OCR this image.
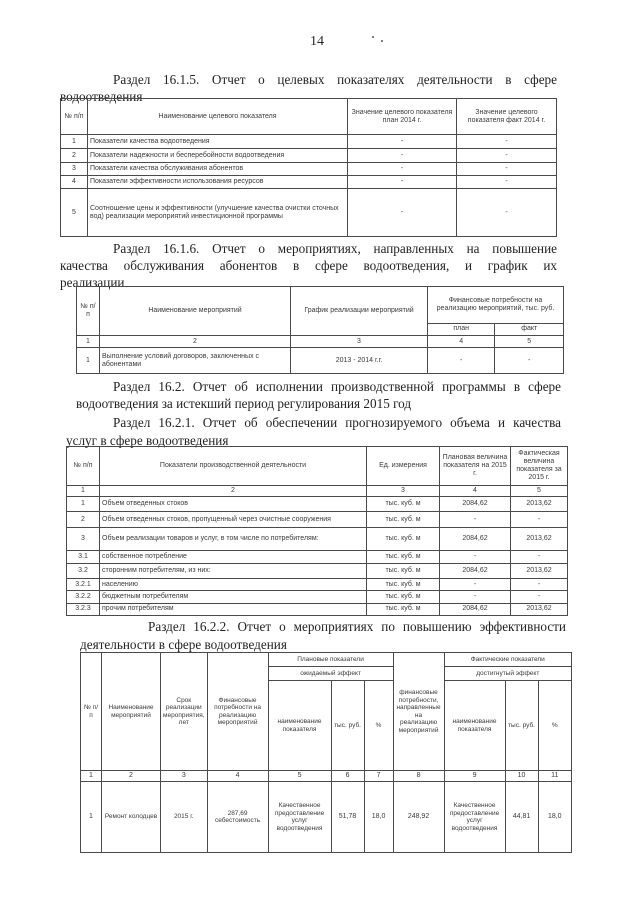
14
Раздел 16.1.5. Отчет о целевых показателях деятельности в сфере
водоотведения
№ п/п	Наименование целевого показателя	Значение целевого показателя план 2014 г.	Значение целевого показателя факт 2014 г.
1	Показатели качества водоотведения	-	-
2	Показатели надежности и бесперебойности водоотведения	-	-
3	Показатели качества обслуживания абонентов	-	-
4	Показатели эффективности использования ресурсов	-	-
5	Соотношение цены и эффективности (улучшение качества очистки сточных вод) реализации мероприятий инвестиционной программы	-	-
Раздел 16.1.6. Отчет о мероприятиях, направленных на повышение
качества обслуживания абонентов в сфере водоотведения, и график их
реализации
№ п/п	Наименование мероприятий	График реализации мероприятий	Финансовые потребности на реализацию мероприятий, тыс. руб.	
			план	факт
1	2	3	4	5
1	Выполнение условий договоров, заключенных с абонентами	2013 - 2014 г.г.	-	-
Раздел 16.2. Отчет об исполнении производственной программы в сфере
водоотведения за истекший период регулирования 2015 год
Раздел 16.2.1. Отчет об обеспечении прогнозируемого объема и качества
услуг в сфере водоотведения
№ п/п	Показатели производственной деятельности	Ед. измерения	Плановая величина показателя на 2015 г.	Фактическая величина показателя за 2015 г.
1	2	3	4	5
1	Объем отведенных стоков	тыс. куб. м	2084,62	2013,62
2	Объем отведенных стоков, пропущенный через очистные сооружения	тыс. куб. м	-	-
3	Объем реализации товаров и услуг, в том числе по потребителям:	тыс. куб. м	2084,62	2013,62
3.1	собственное потребление	тыс. куб. м	-	-
3.2	сторонним потребителям, из них:	тыс. куб. м	2084,62	2013,62
3.2.1	населению	тыс. куб. м	-	-
3.2.2	бюджетным потребителям	тыс. куб. м	-	-
3.2.3	прочим потребителям	тыс. куб. м	2084,62	2013,62
Раздел 16.2.2. Отчет о мероприятиях по повышению эффективности
деятельности в сфере водоотведения
№ п/п	Наименование мероприятий	Срок реализации мероприятия, лет	Финансовые потребности на реализацию мероприятий	Плановые показатели			финансовые потребности, направленные на реализацию мероприятий	Фактические показатели		
				ожидаемый эффект				достигнутый эффект		
				наименование показателя	тыс. руб.	%		наименование показателя	тыс. руб.	%
1	2	3	4	5	6	7	8	9	10	11
1	Ремонт колодцев	2015 г.	287,69 себестоимость	Качественное предоставление услуг водоотведения	51,78	18,0	248,92	Качественное предоставление услуг водоотведения	44,81	18,0
